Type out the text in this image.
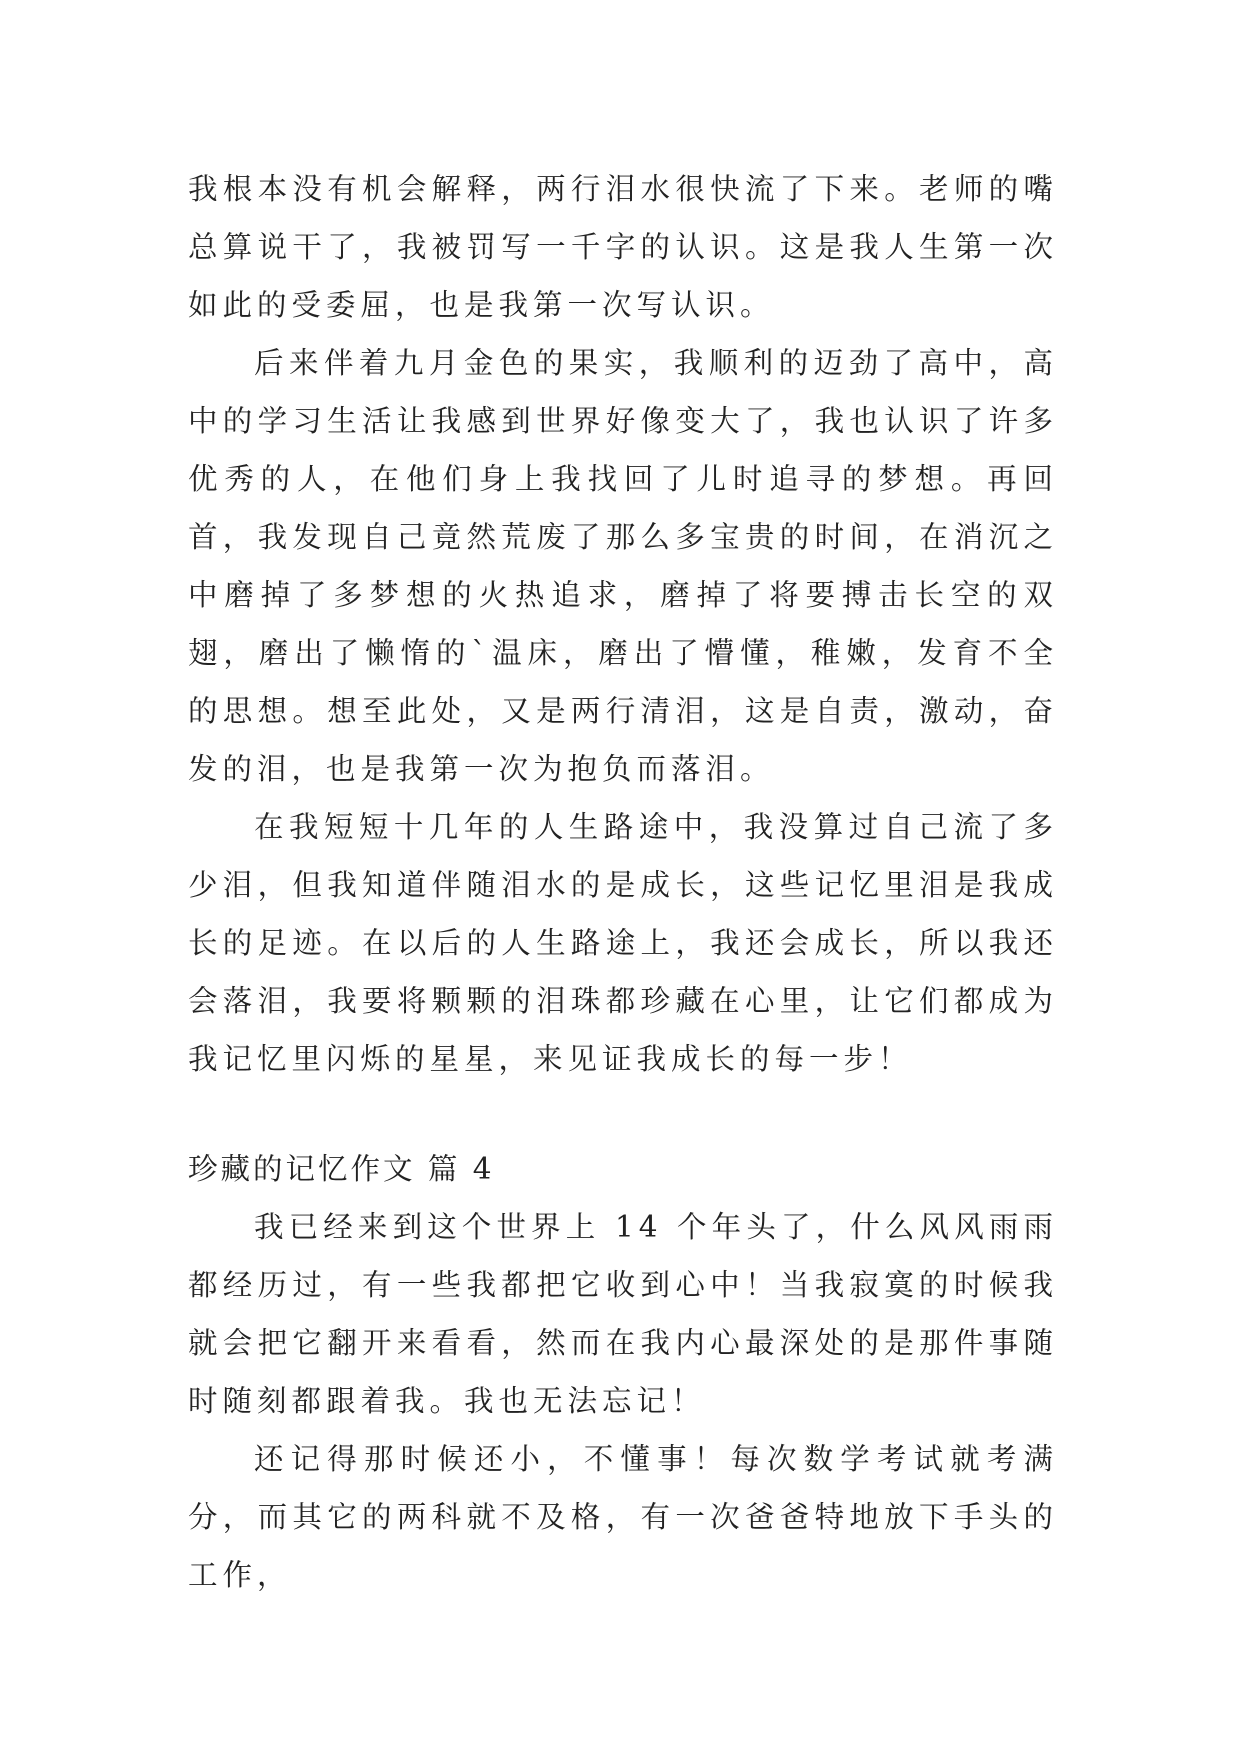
我根本没有机会解释，两行泪水很快流了下来。老师的嘴总算说干了，我被罚写一千字的认识。这是我人生第一次如此的受委屈，也是我第一次写认识。

后来伴着九月金色的果实，我顺利的迈劲了高中，高中的学习生活让我感到世界好像变大了，我也认识了许多优秀的人，在他们身上我找回了儿时追寻的梦想。再回首，我发现自己竟然荒废了那么多宝贵的时间，在消沉之中磨掉了多梦想的火热追求，磨掉了将要搏击长空的双翅，磨出了懒惰的`温床，磨出了懵懂，稚嫩，发育不全的思想。想至此处，又是两行清泪，这是自责，激动，奋发的泪，也是我第一次为抱负而落泪。

在我短短十几年的人生路途中，我没算过自己流了多少泪，但我知道伴随泪水的是成长，这些记忆里泪是我成长的足迹。在以后的人生路途上，我还会成长，所以我还会落泪，我要将颗颗的泪珠都珍藏在心里，让它们都成为我记忆里闪烁的星星，来见证我成长的每一步！

珍藏的记忆作文 篇 4

我已经来到这个世界上 14 个年头了，什么风风雨雨都经历过，有一些我都把它收到心中！当我寂寞的时候我就会把它翻开来看看，然而在我内心最深处的是那件事随时随刻都跟着我。我也无法忘记！

还记得那时候还小，不懂事！每次数学考试就考满分，而其它的两科就不及格，有一次爸爸特地放下手头的工作，
